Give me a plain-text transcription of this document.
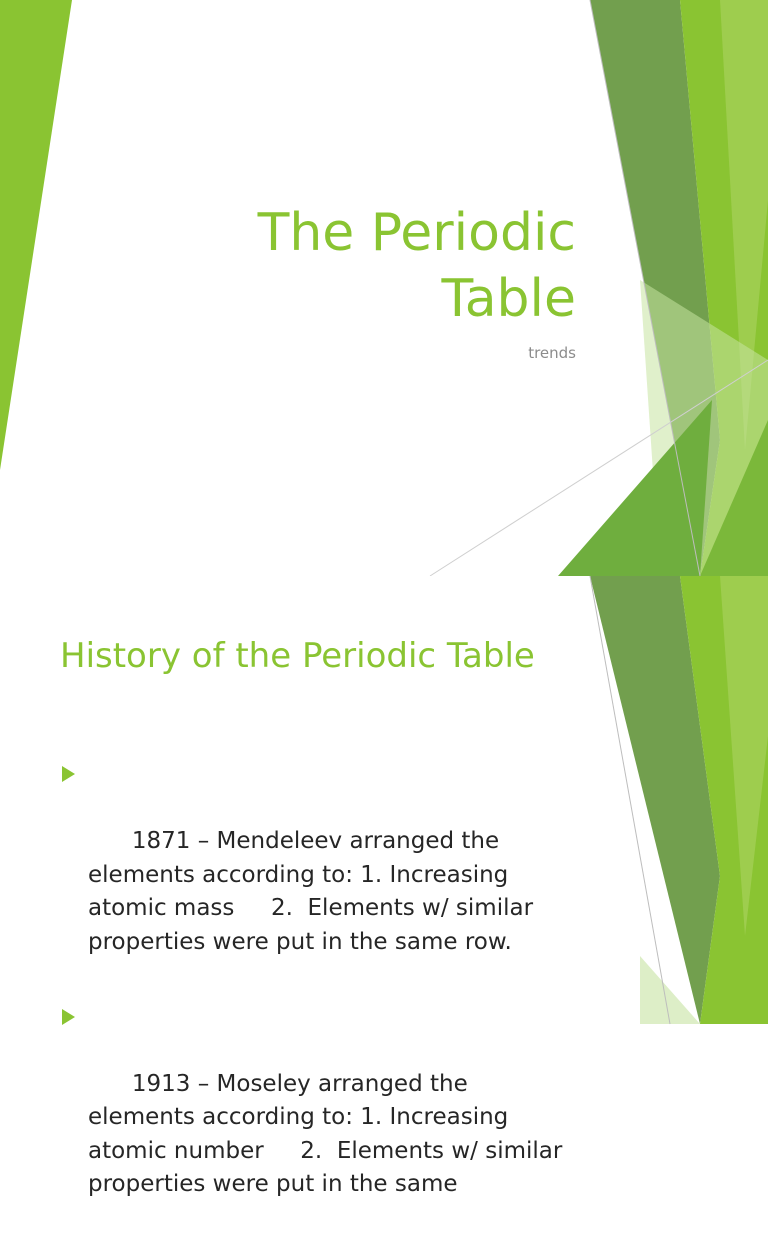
The Periodic
Table
trends
History of the Periodic Table

1871 – Mendeleev arranged the elements according to: 1. Increasing atomic mass     2.  Elements w/ similar properties were put in the same row.

1913 – Moseley arranged the elements according to: 1. Increasing atomic number     2.  Elements w/ similar properties were put in the same
